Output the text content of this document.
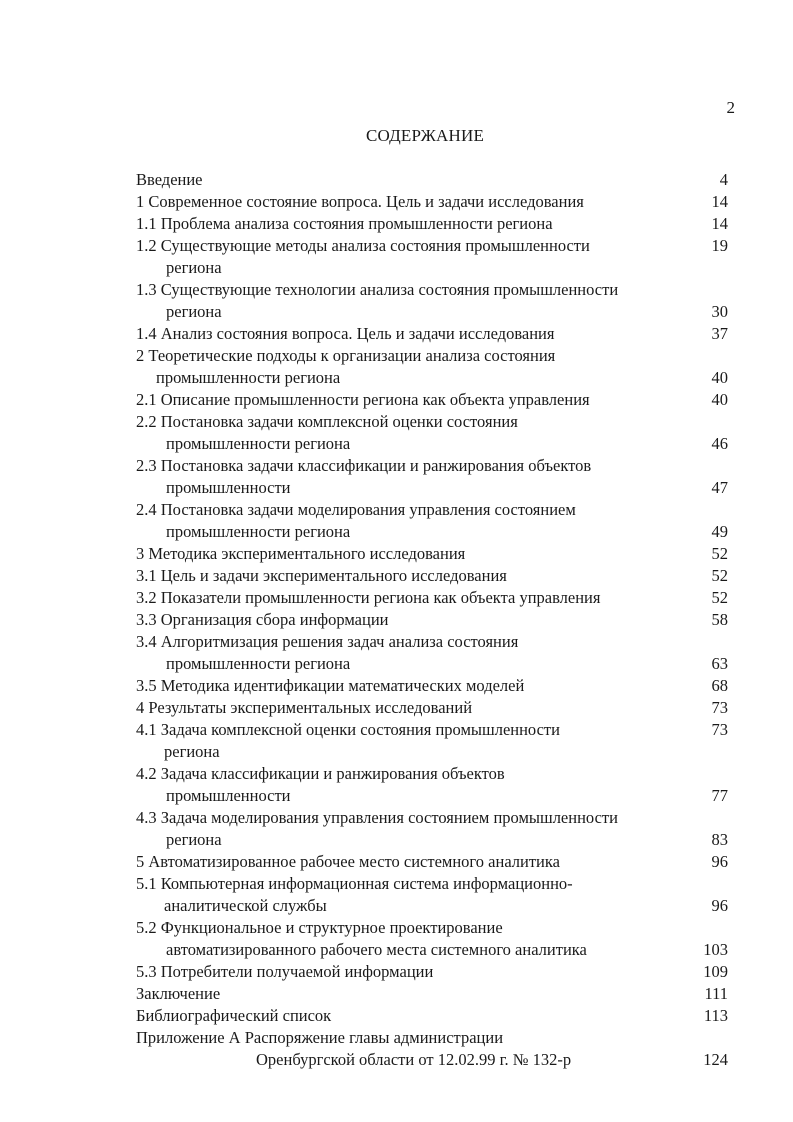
2
СОДЕРЖАНИЕ
Введение	4
1 Современное состояние вопроса. Цель и задачи исследования	14
1.1 Проблема анализа состояния промышленности региона	14
1.2 Существующие методы анализа состояния промышленности	19
региона
1.3 Существующие технологии анализа состояния промышленности
региона	30
1.4 Анализ состояния вопроса. Цель и задачи исследования	37
2 Теоретические подходы к организации анализа состояния
промышленности региона	40
2.1 Описание промышленности региона как объекта управления	40
2.2 Постановка задачи комплексной оценки состояния
промышленности региона	46
2.3 Постановка задачи классификации и ранжирования объектов
промышленности	47
2.4 Постановка задачи моделирования управления состоянием
промышленности региона	49
3 Методика экспериментального исследования	52
3.1 Цель и задачи экспериментального исследования	52
3.2 Показатели промышленности региона как объекта управления	52
3.3 Организация сбора информации	58
3.4 Алгоритмизация решения задач анализа состояния
промышленности региона	63
3.5 Методика идентификации математических моделей	68
4 Результаты экспериментальных исследований	73
4.1 Задача комплексной оценки состояния промышленности	73
региона
4.2 Задача классификации и ранжирования объектов
промышленности	77
4.3 Задача моделирования управления состоянием промышленности
региона	83
5 Автоматизированное рабочее место системного аналитика	96
5.1 Компьютерная информационная система информационно-
аналитической службы	96
5.2 Функциональное и структурное проектирование
автоматизированного рабочего места системного аналитика	103
5.3 Потребители получаемой информации	109
Заключение	111
Библиографический список	113
Приложение А Распоряжение главы администрации
Оренбургской области от 12.02.99 г. № 132-р	124
